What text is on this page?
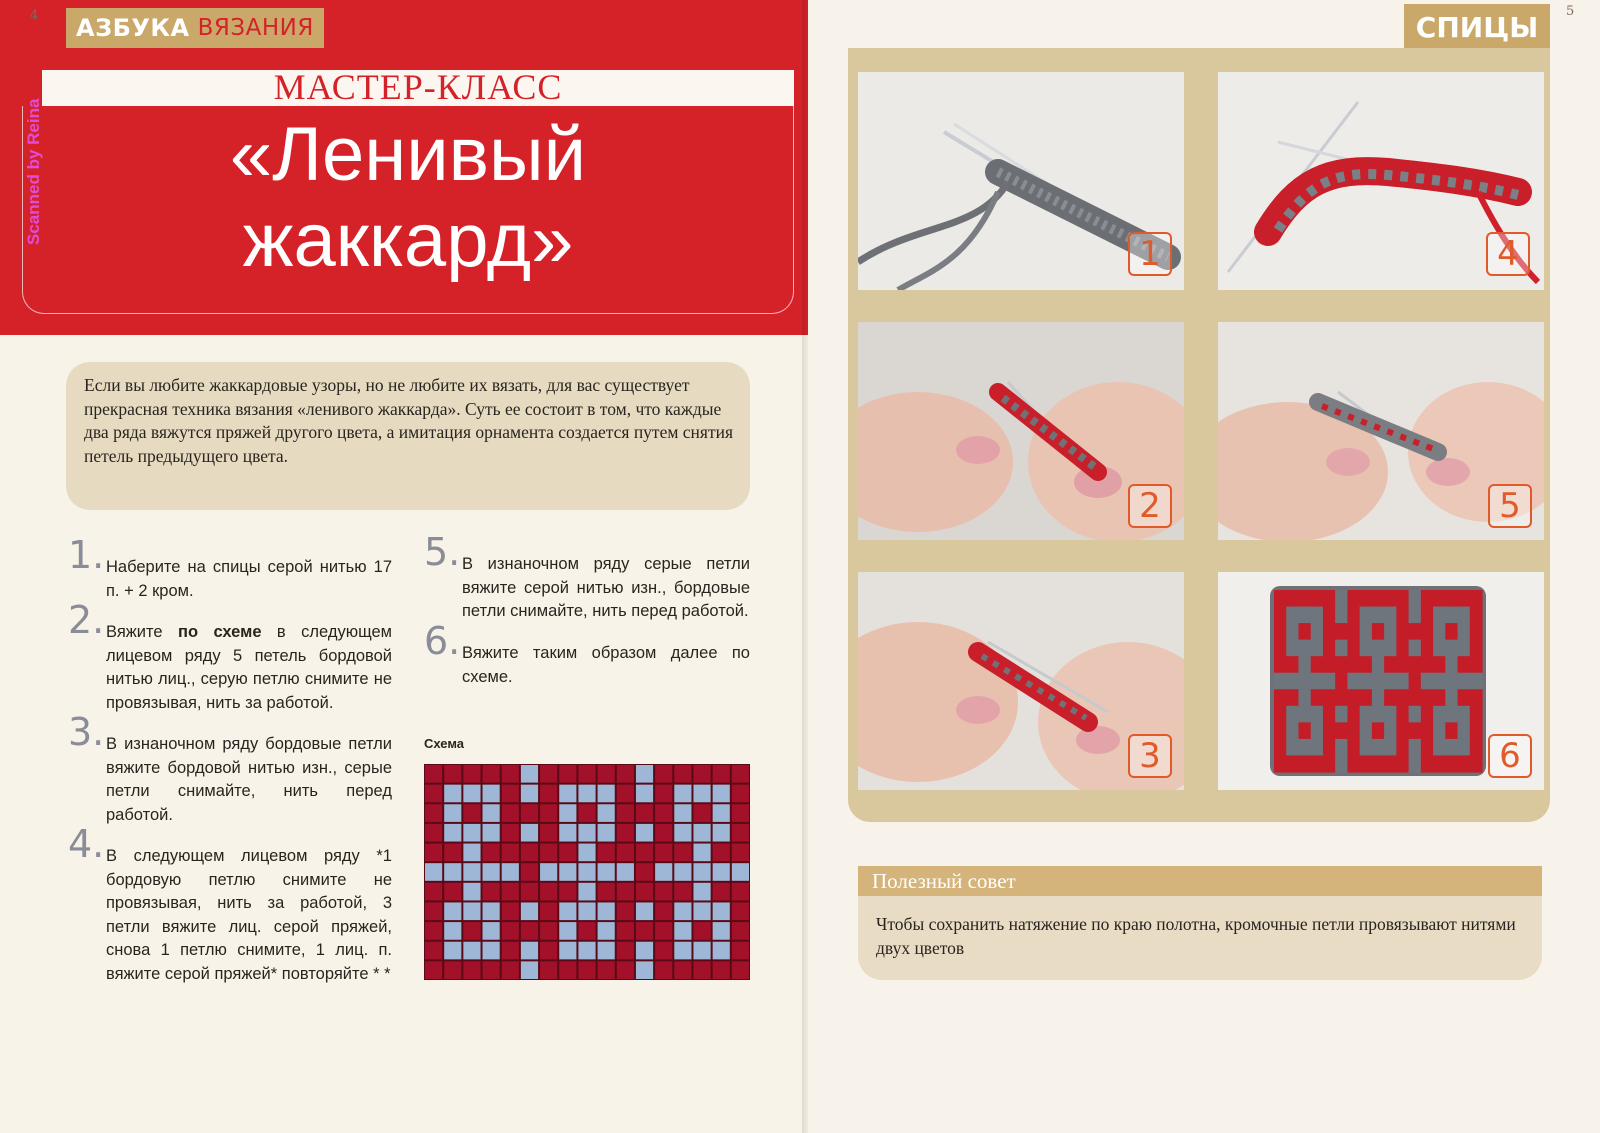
4 АЗБУКА ВЯЗАНИЯ
МАСТЕР-КЛАСС
«Ленивый
жаккард»
Scanned by Reina
Если вы любите жаккардовые узоры, но не любите их вязать, для вас существует прекрасная техника вязания «ленивого жаккарда». Суть ее состоит в том, что каждые два ряда вяжутся пряжей другого цвета, а имитация орнамента создается путем снятия петель предыдущего цвета.
1. Наберите на спицы серой нитью 17 п. + 2 кром.
2. Вяжите по схеме в следующем лицевом ряду 5 петель бордовой нитью лиц., серую петлю снимите не провязывая, нить за работой.
3. В изнаночном ряду бордовые петли вяжите бордовой нитью изн., серые петли снимайте, нить перед работой.
4. В следующем лицевом ряду *1 бордовую петлю снимите не провязывая, нить за работой, 3 петли вяжите лиц. серой пряжей, снова 1 петлю снимите, 1 лиц. п. вяжите серой пряжей* повторяйте * *
5. В изнаночном ряду серые петли вяжите серой нитью изн., бордовые петли снимайте, нить перед работой.
6. Вяжите таким образом далее по схеме.
Схема
СПИЦЫ	5
1	4
2	5
3	6
Полезный совет
Чтобы сохранить натяжение по краю полотна, кромочные петли провязывают нитями двух цветов
